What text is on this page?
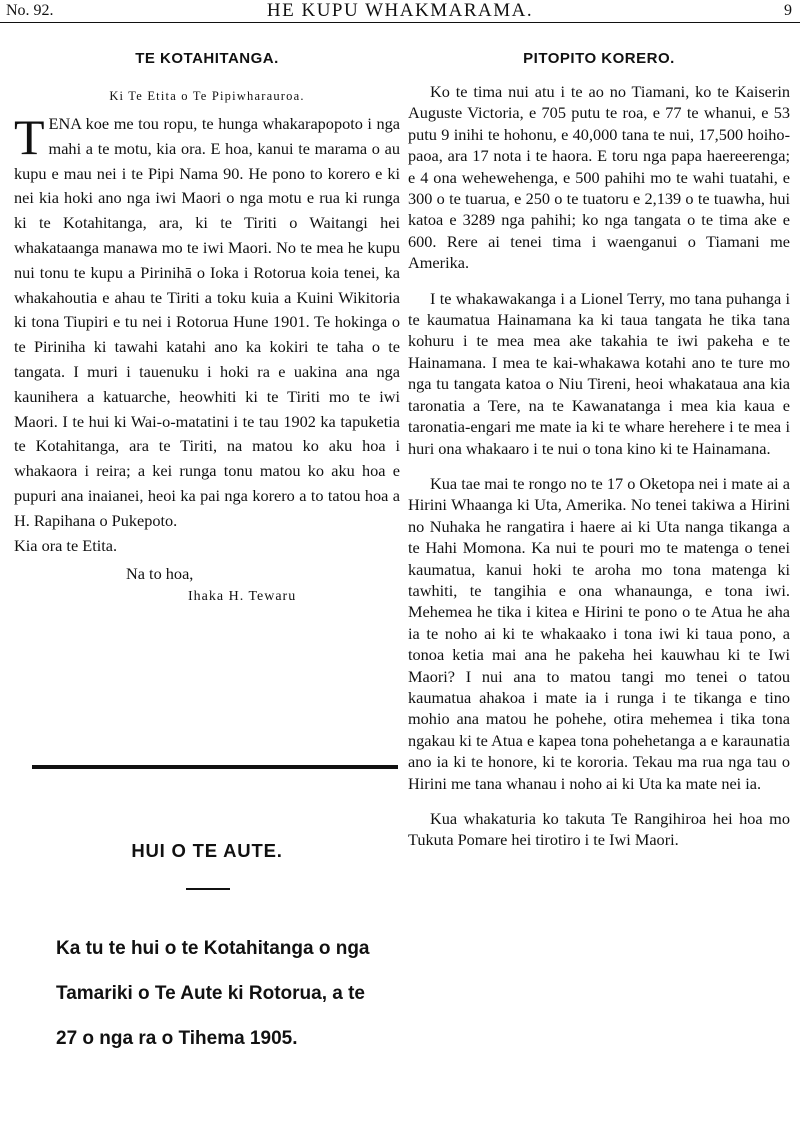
No. 92.	HE KUPU WHAKMARAMA.	9
TE KOTAHITANGA.
Ki Te Etita o Te Pipiwharauroa.
TENA koe me tou ropu, te hunga whakarapopoto i nga mahi a te motu, kia ora. E hoa, kanui te marama o au kupu e mau nei i te Pipi Nama 90. He pono to korero e ki nei kia hoki ano nga iwi Maori o nga motu e rua ki runga ki te Kotahitanga, ara, ki te Tiriti o Waitangi hei whakataanga manawa mo te iwi Maori. No te mea he kupu nui tonu te kupu a Pirinihā o Ioka i Rotorua koia tenei, ka whakahoutia e ahau te Tiriti a toku kuia a Kuini Wikitoria ki tona Tiupiri e tu nei i Rotorua Hune 1901. Te hokinga o te Piriniha ki tawahi katahi ano ka kokiri te taha o te tangata. I muri i tauenuku i hoki ra e uakina ana nga kaunihera a katuarche, heowhiti ki te Tiriti mo te iwi Maori. I te hui ki Wai-o-matatini i te tau 1902 ka tapuketia te Kotahitanga, ara te Tiriti, na matou ko aku hoa i whakaora i reira; a kei runga tonu matou ko aku hoa e pupuri ana inaianei, heoi ka pai nga korero a to tatou hoa a H. Rapihana o Pukepoto.

Kia ora te Etita.

Na to hoa,
Ihaka H. Tewaru
HUI O TE AUTE.
Ka tu te hui o te Kotahitanga o nga Tamariki o Te Aute ki Rotorua, a te 27 o nga ra o Tihema 1905.
PITOPITO KORERO.

Ko te tima nui atu i te ao no Tiamani, ko te Kaiserin Auguste Victoria, e 705 putu te roa, e 77 te whanui, e 53 putu 9 inihi te hohonu, e 40,000 tana te nui, 17,500 hoiho-paoa, ara 17 nota i te haora. E toru nga papa haereerenga; e 4 ona wehewehenga, e 500 pahihi mo te wahi tuatahi, e 300 o te tuarua, e 250 o te tuatoru e 2,139 o te tuawha, hui katoa e 3289 nga pahihi; ko nga tangata o te tima ake e 600. Rere ai tenei tima i waenganui o Tiamani me Amerika.

I te whakawakanga i a Lionel Terry, mo tana puhanga i te kaumatua Hainamana ka ki taua tangata he tika tana kohuru i te mea mea ake takahia te iwi pakeha e te Hainamana. I mea te kai-whakawa kotahi ano te ture mo nga tu tangata katoa o Niu Tireni, heoi whakataua ana kia taronatia a Tere, na te Kawanatanga i mea kia kaua e taronatia-engari me mate ia ki te whare herehere i te mea i huri ona whakaaro i te nui o tona kino ki te Hainamana.

Kua tae mai te rongo no te 17 o Oketopa nei i mate ai a Hirini Whaanga ki Uta, Amerika. No tenei takiwa a Hirini no Nuhaka he rangatira i haere ai ki Uta nanga tikanga a te Hahi Momona. Ka nui te pouri mo te matenga o tenei kaumatua, kanui hoki te aroha mo tona matenga ki tawhiti, te tangihia e ona whanaunga, e tona iwi. Mehemea he tika i kitea e Hirini te pono o te Atua he aha ia te noho ai ki te whakaako i tona iwi ki taua pono, a tonoa ketia mai ana he pakeha hei kauwhau ki te Iwi Maori? I nui ana to matou tangi mo tenei o tatou kaumatua ahakoa i mate ia i runga i te tikanga e tino mohio ana matou he pohehe, otira mehemea i tika tona ngakau ki te Atua e kapea tona pohehetanga a e karaunatia ano ia ki te honore, ki te kororia. Tekau ma rua nga tau o Hirini me tana whanau i noho ai ki Uta ka mate nei ia.

Kua whakaturia ko takuta Te Rangihiroa hei hoa mo Tukuta Pomare hei tirotiro i te Iwi Maori.
